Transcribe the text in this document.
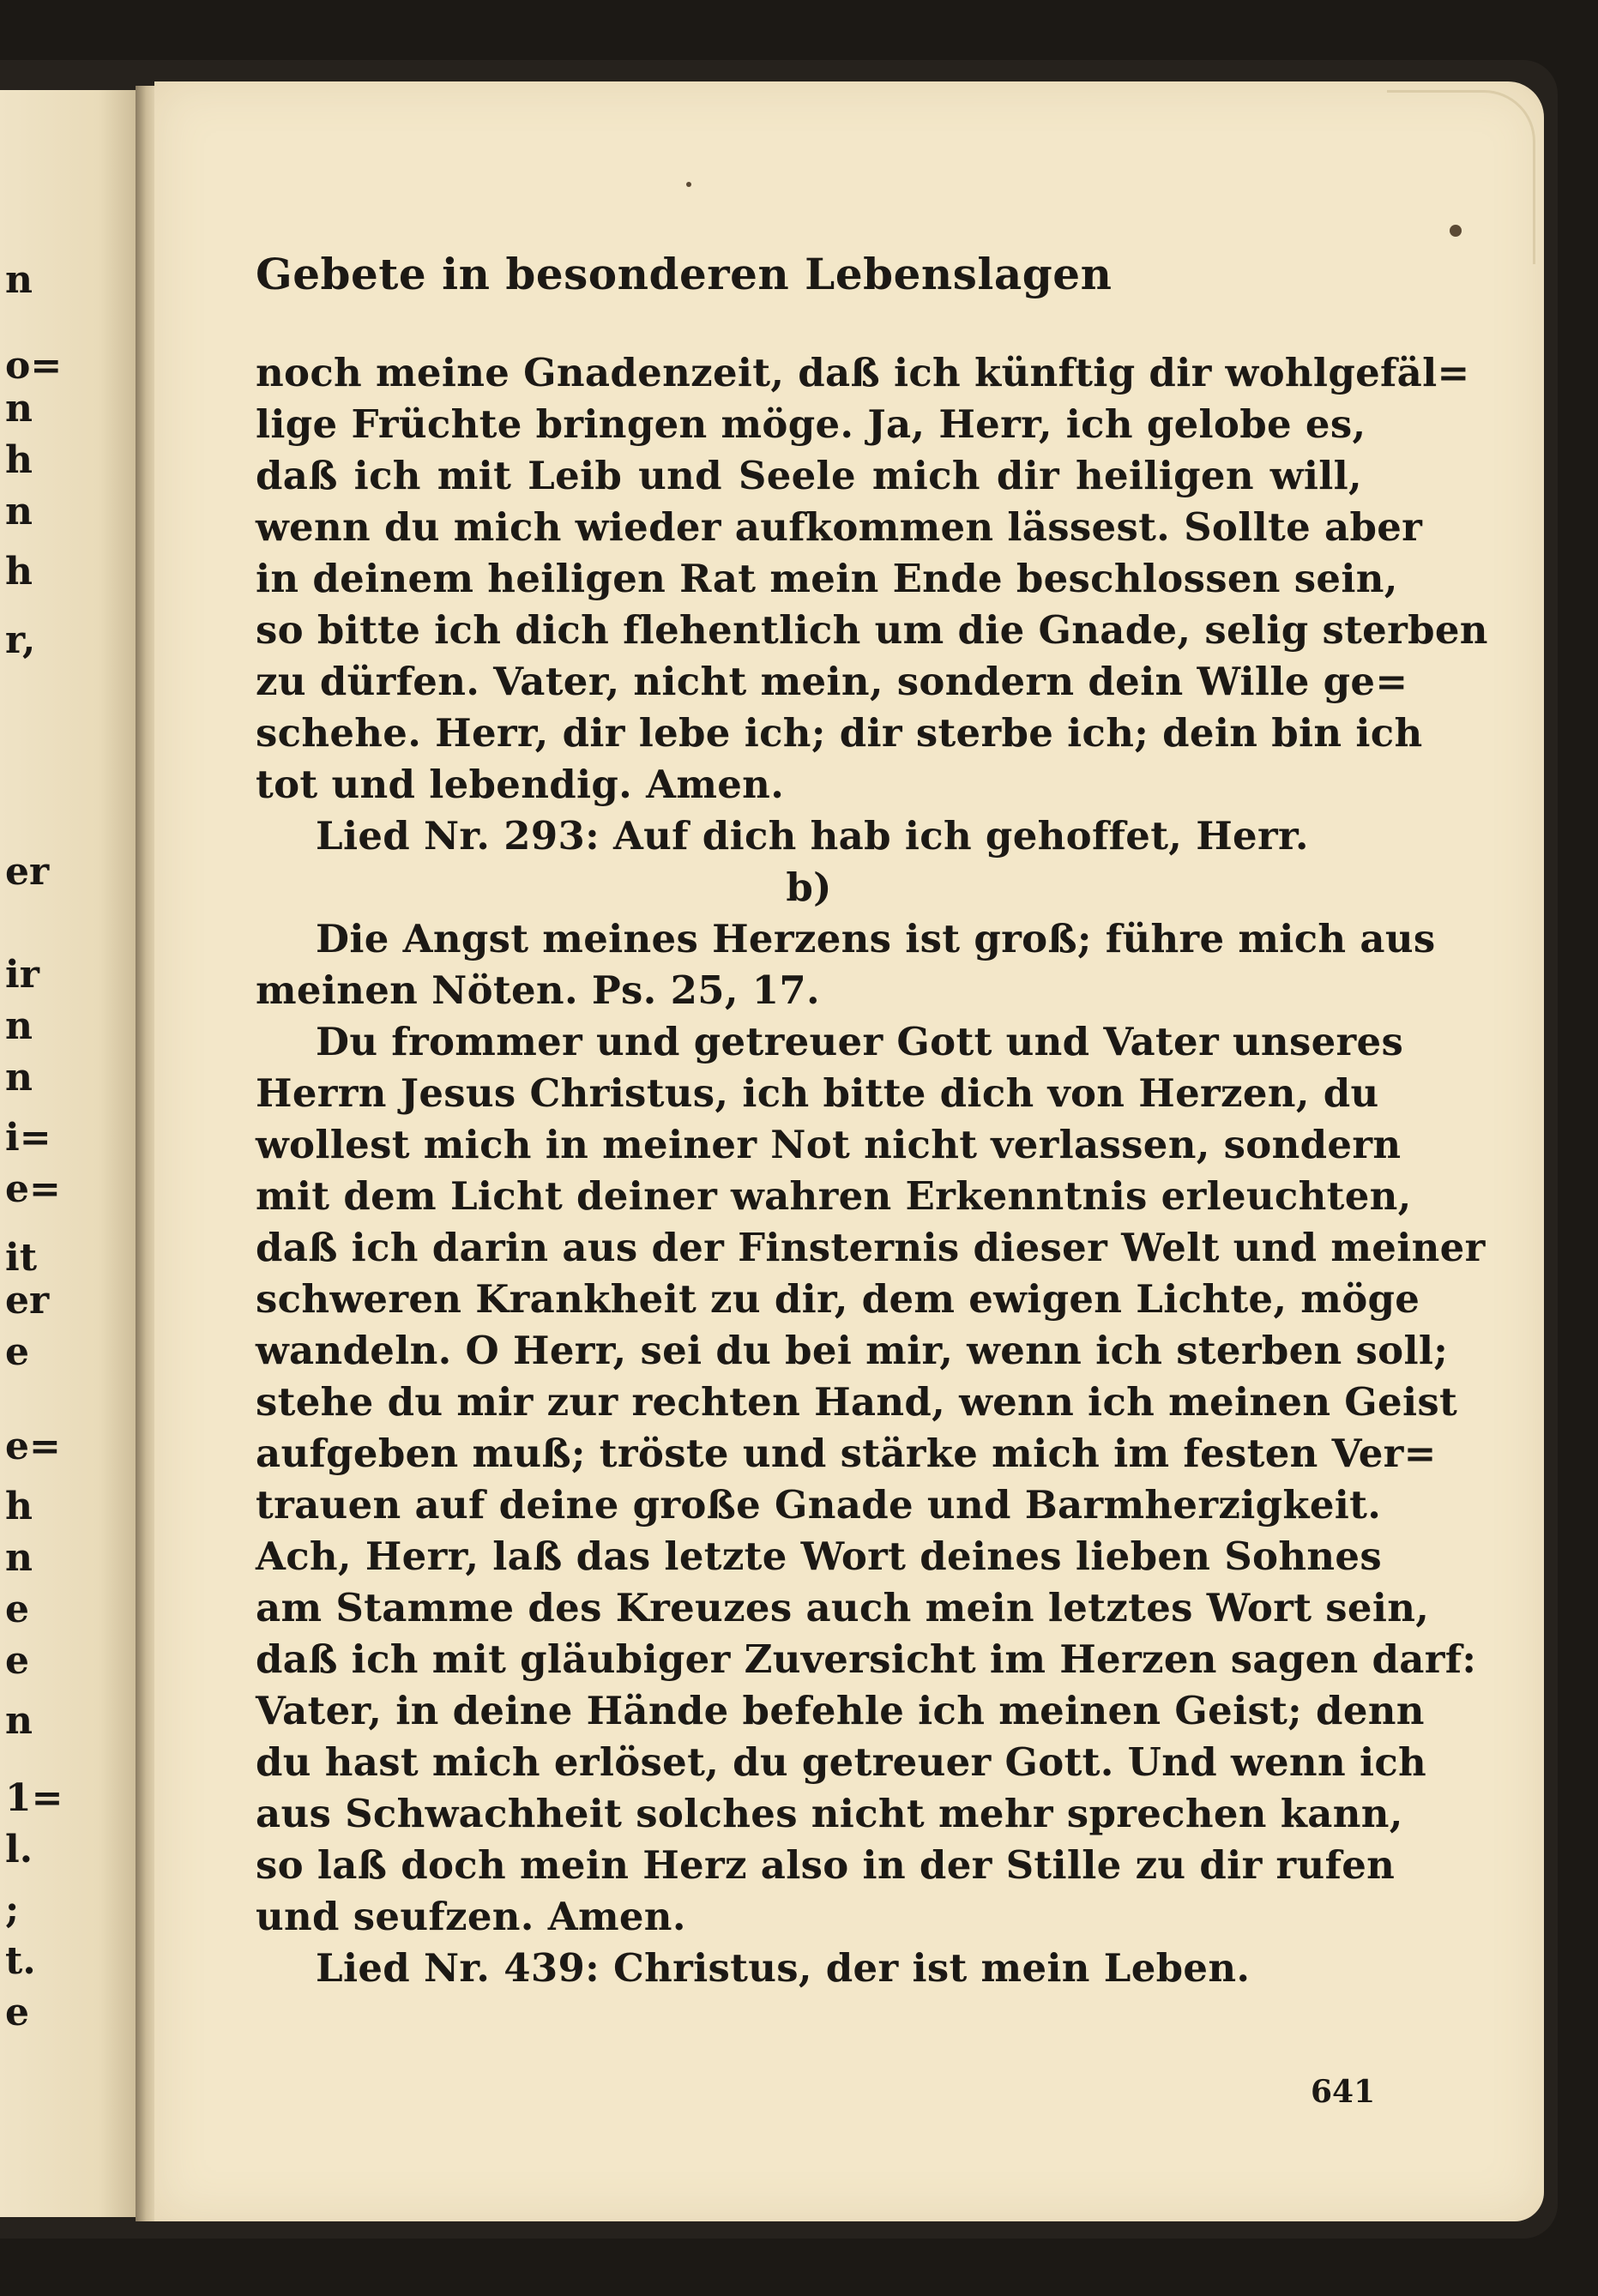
n
o=
n
h
n
h
r,
er
ir
n
n
i=
e=
it
er
e
e=
h
n
e
e
n
1=
l.
;
t.
e
Gebete in besonderen Lebenslagen
noch meine Gnadenzeit, daß ich künftig dir wohlgefäl=
lige Früchte bringen möge. Ja, Herr, ich gelobe es,
daß ich mit Leib und Seele mich dir heiligen will,
wenn du mich wieder aufkommen lässest. Sollte aber
in deinem heiligen Rat mein Ende beschlossen sein,
so bitte ich dich flehentlich um die Gnade, selig sterben
zu dürfen. Vater, nicht mein, sondern dein Wille ge=
schehe. Herr, dir lebe ich; dir sterbe ich; dein bin ich
tot und lebendig. Amen.
Lied Nr. 293: Auf dich hab ich gehoffet, Herr.
b)
Die Angst meines Herzens ist groß; führe mich aus
meinen Nöten. Ps. 25, 17.
Du frommer und getreuer Gott und Vater unseres
Herrn Jesus Christus, ich bitte dich von Herzen, du
wollest mich in meiner Not nicht verlassen, sondern
mit dem Licht deiner wahren Erkenntnis erleuchten,
daß ich darin aus der Finsternis dieser Welt und meiner
schweren Krankheit zu dir, dem ewigen Lichte, möge
wandeln. O Herr, sei du bei mir, wenn ich sterben soll;
stehe du mir zur rechten Hand, wenn ich meinen Geist
aufgeben muß; tröste und stärke mich im festen Ver=
trauen auf deine große Gnade und Barmherzigkeit.
Ach, Herr, laß das letzte Wort deines lieben Sohnes
am Stamme des Kreuzes auch mein letztes Wort sein,
daß ich mit gläubiger Zuversicht im Herzen sagen darf:
Vater, in deine Hände befehle ich meinen Geist; denn
du hast mich erlöset, du getreuer Gott. Und wenn ich
aus Schwachheit solches nicht mehr sprechen kann,
so laß doch mein Herz also in der Stille zu dir rufen
und seufzen. Amen.
Lied Nr. 439: Christus, der ist mein Leben.
641
